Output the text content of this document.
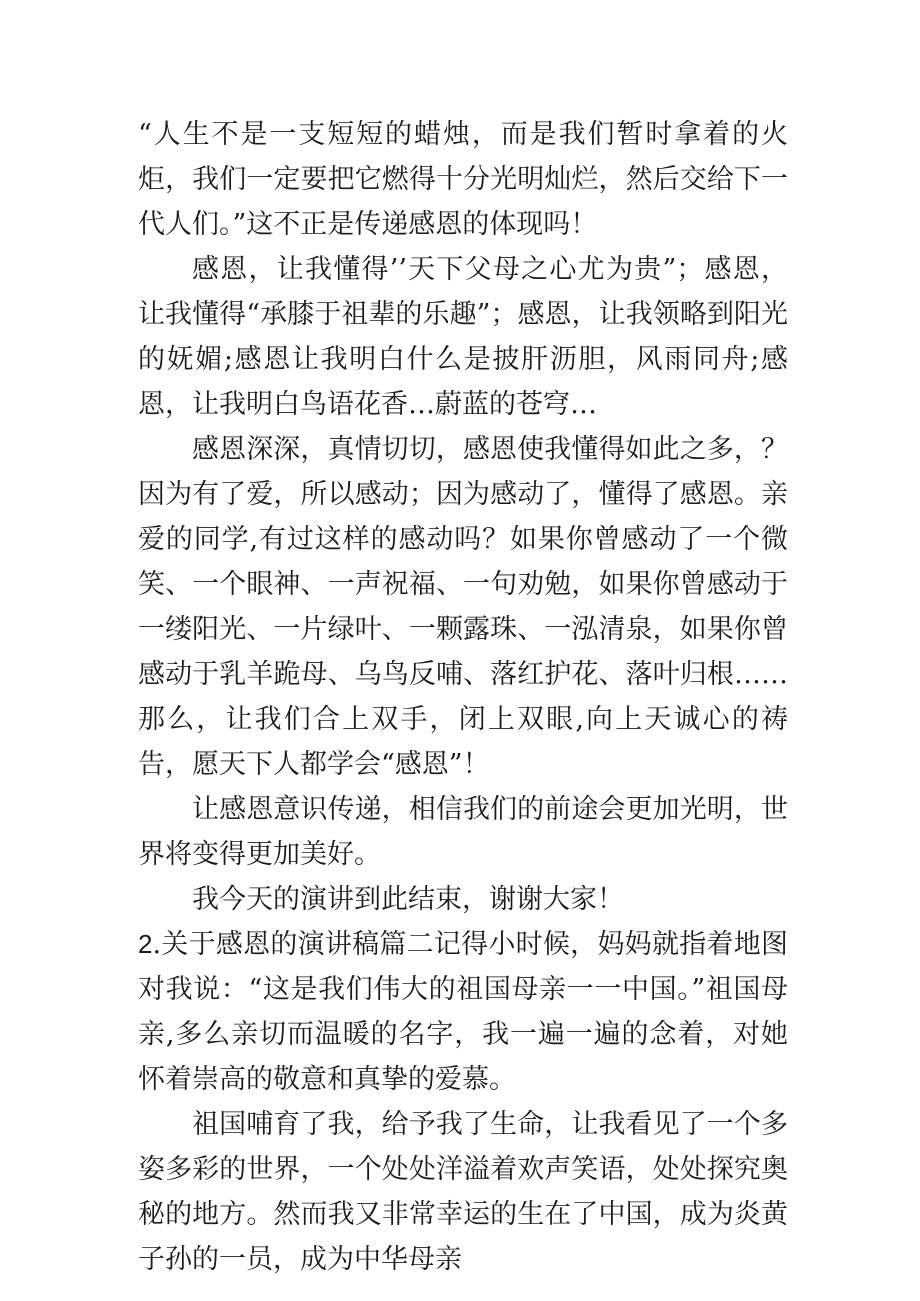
“人生不是一支短短的蜡烛，而是我们暂时拿着的火炬，我们一定要把它燃得十分光明灿烂，然后交给下一代人们。”这不正是传递感恩的体现吗！

感恩，让我懂得’’天下父母之心尤为贵”；感恩，让我懂得“承膝于祖辈的乐趣”；感恩，让我领略到阳光的妩媚;感恩让我明白什么是披肝沥胆，风雨同舟;感恩，让我明白鸟语花香…蔚蓝的苍穹…

感恩深深，真情切切，感恩使我懂得如此之多，？因为有了爱，所以感动；因为感动了，懂得了感恩。亲爱的同学,有过这样的感动吗？如果你曾感动了一个微笑、一个眼神、一声祝福、一句劝勉，如果你曾感动于一缕阳光、一片绿叶、一颗露珠、一泓清泉，如果你曾感动于乳羊跪母、乌鸟反哺、落红护花、落叶归根……那么，让我们合上双手，闭上双眼,向上天诚心的祷告，愿天下人都学会“感恩”！

让感恩意识传递，相信我们的前途会更加光明，世界将变得更加美好。

我今天的演讲到此结束，谢谢大家！

2.关于感恩的演讲稿篇二记得小时候，妈妈就指着地图对我说：“这是我们伟大的祖国母亲一一中国。”祖国母亲,多么亲切而温暖的名字，我一遍一遍的念着，对她怀着崇高的敬意和真挚的爱慕。

祖国哺育了我，给予我了生命，让我看见了一个多姿多彩的世界，一个处处洋溢着欢声笑语，处处探究奥秘的地方。然而我又非常幸运的生在了中国，成为炎黄子孙的一员，成为中华母亲
